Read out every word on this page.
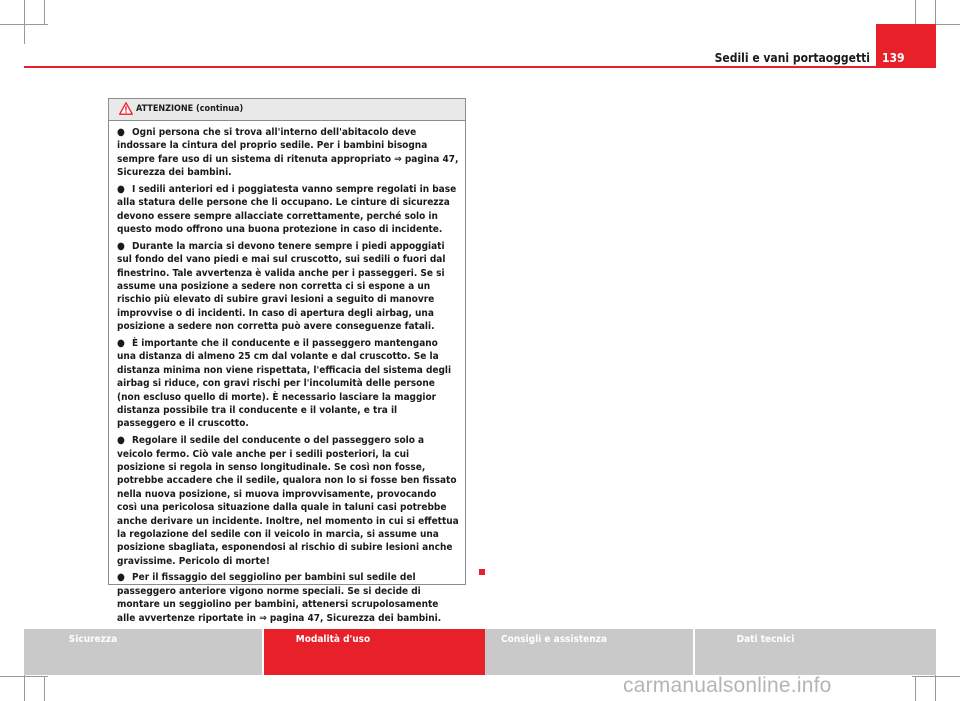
Sedili e vani portaoggetti 139
ATTENZIONE (continua)

● Ogni persona che si trova all'interno dell'abitacolo deve indossare la cintura del proprio sedile. Per i bambini bisogna sempre fare uso di un sistema di ritenuta appropriato ⇒ pagina 47, Sicurezza dei bambini.

● I sedili anteriori ed i poggiatesta vanno sempre regolati in base alla statura delle persone che li occupano. Le cinture di sicurezza devono essere sempre allacciate correttamente, perché solo in questo modo offrono una buona protezione in caso di incidente.

● Durante la marcia si devono tenere sempre i piedi appoggiati sul fondo del vano piedi e mai sul cruscotto, sui sedili o fuori dal finestrino. Tale avvertenza è valida anche per i passeggeri. Se si assume una posizione a sedere non corretta ci si espone a un rischio più elevato di subire gravi lesioni a seguito di manovre improvvise o di incidenti. In caso di apertura degli airbag, una posizione a sedere non corretta può avere conseguenze fatali.

● È importante che il conducente e il passeggero mantengano una distanza di almeno 25 cm dal volante e dal cruscotto. Se la distanza minima non viene rispettata, l'efficacia del sistema degli airbag si riduce, con gravi rischi per l'incolumità delle persone (non escluso quello di morte). È necessario lasciare la maggior distanza possibile tra il conducente e il volante, e tra il passeggero e il cruscotto.

● Regolare il sedile del conducente o del passeggero solo a veicolo fermo. Ciò vale anche per i sedili posteriori, la cui posizione si regola in senso longitudinale. Se così non fosse, potrebbe accadere che il sedile, qualora non lo si fosse ben fissato nella nuova posizione, si muova improvvisamente, provocando così una pericolosa situazione dalla quale in taluni casi potrebbe anche derivare un incidente. Inoltre, nel momento in cui si effettua la regolazione del sedile con il veicolo in marcia, si assume una posizione sbagliata, esponendosi al rischio di subire lesioni anche gravissime. Pericolo di morte!

● Per il fissaggio del seggiolino per bambini sul sedile del passeggero anteriore vigono norme speciali. Se si decide di montare un seggiolino per bambini, attenersi scrupolosamente alle avvertenze riportate in ⇒ pagina 47, Sicurezza dei bambini.

Sicurezza	Modalità d'uso	Consigli e assistenza	Dati tecnici
carmanualsonline.info
